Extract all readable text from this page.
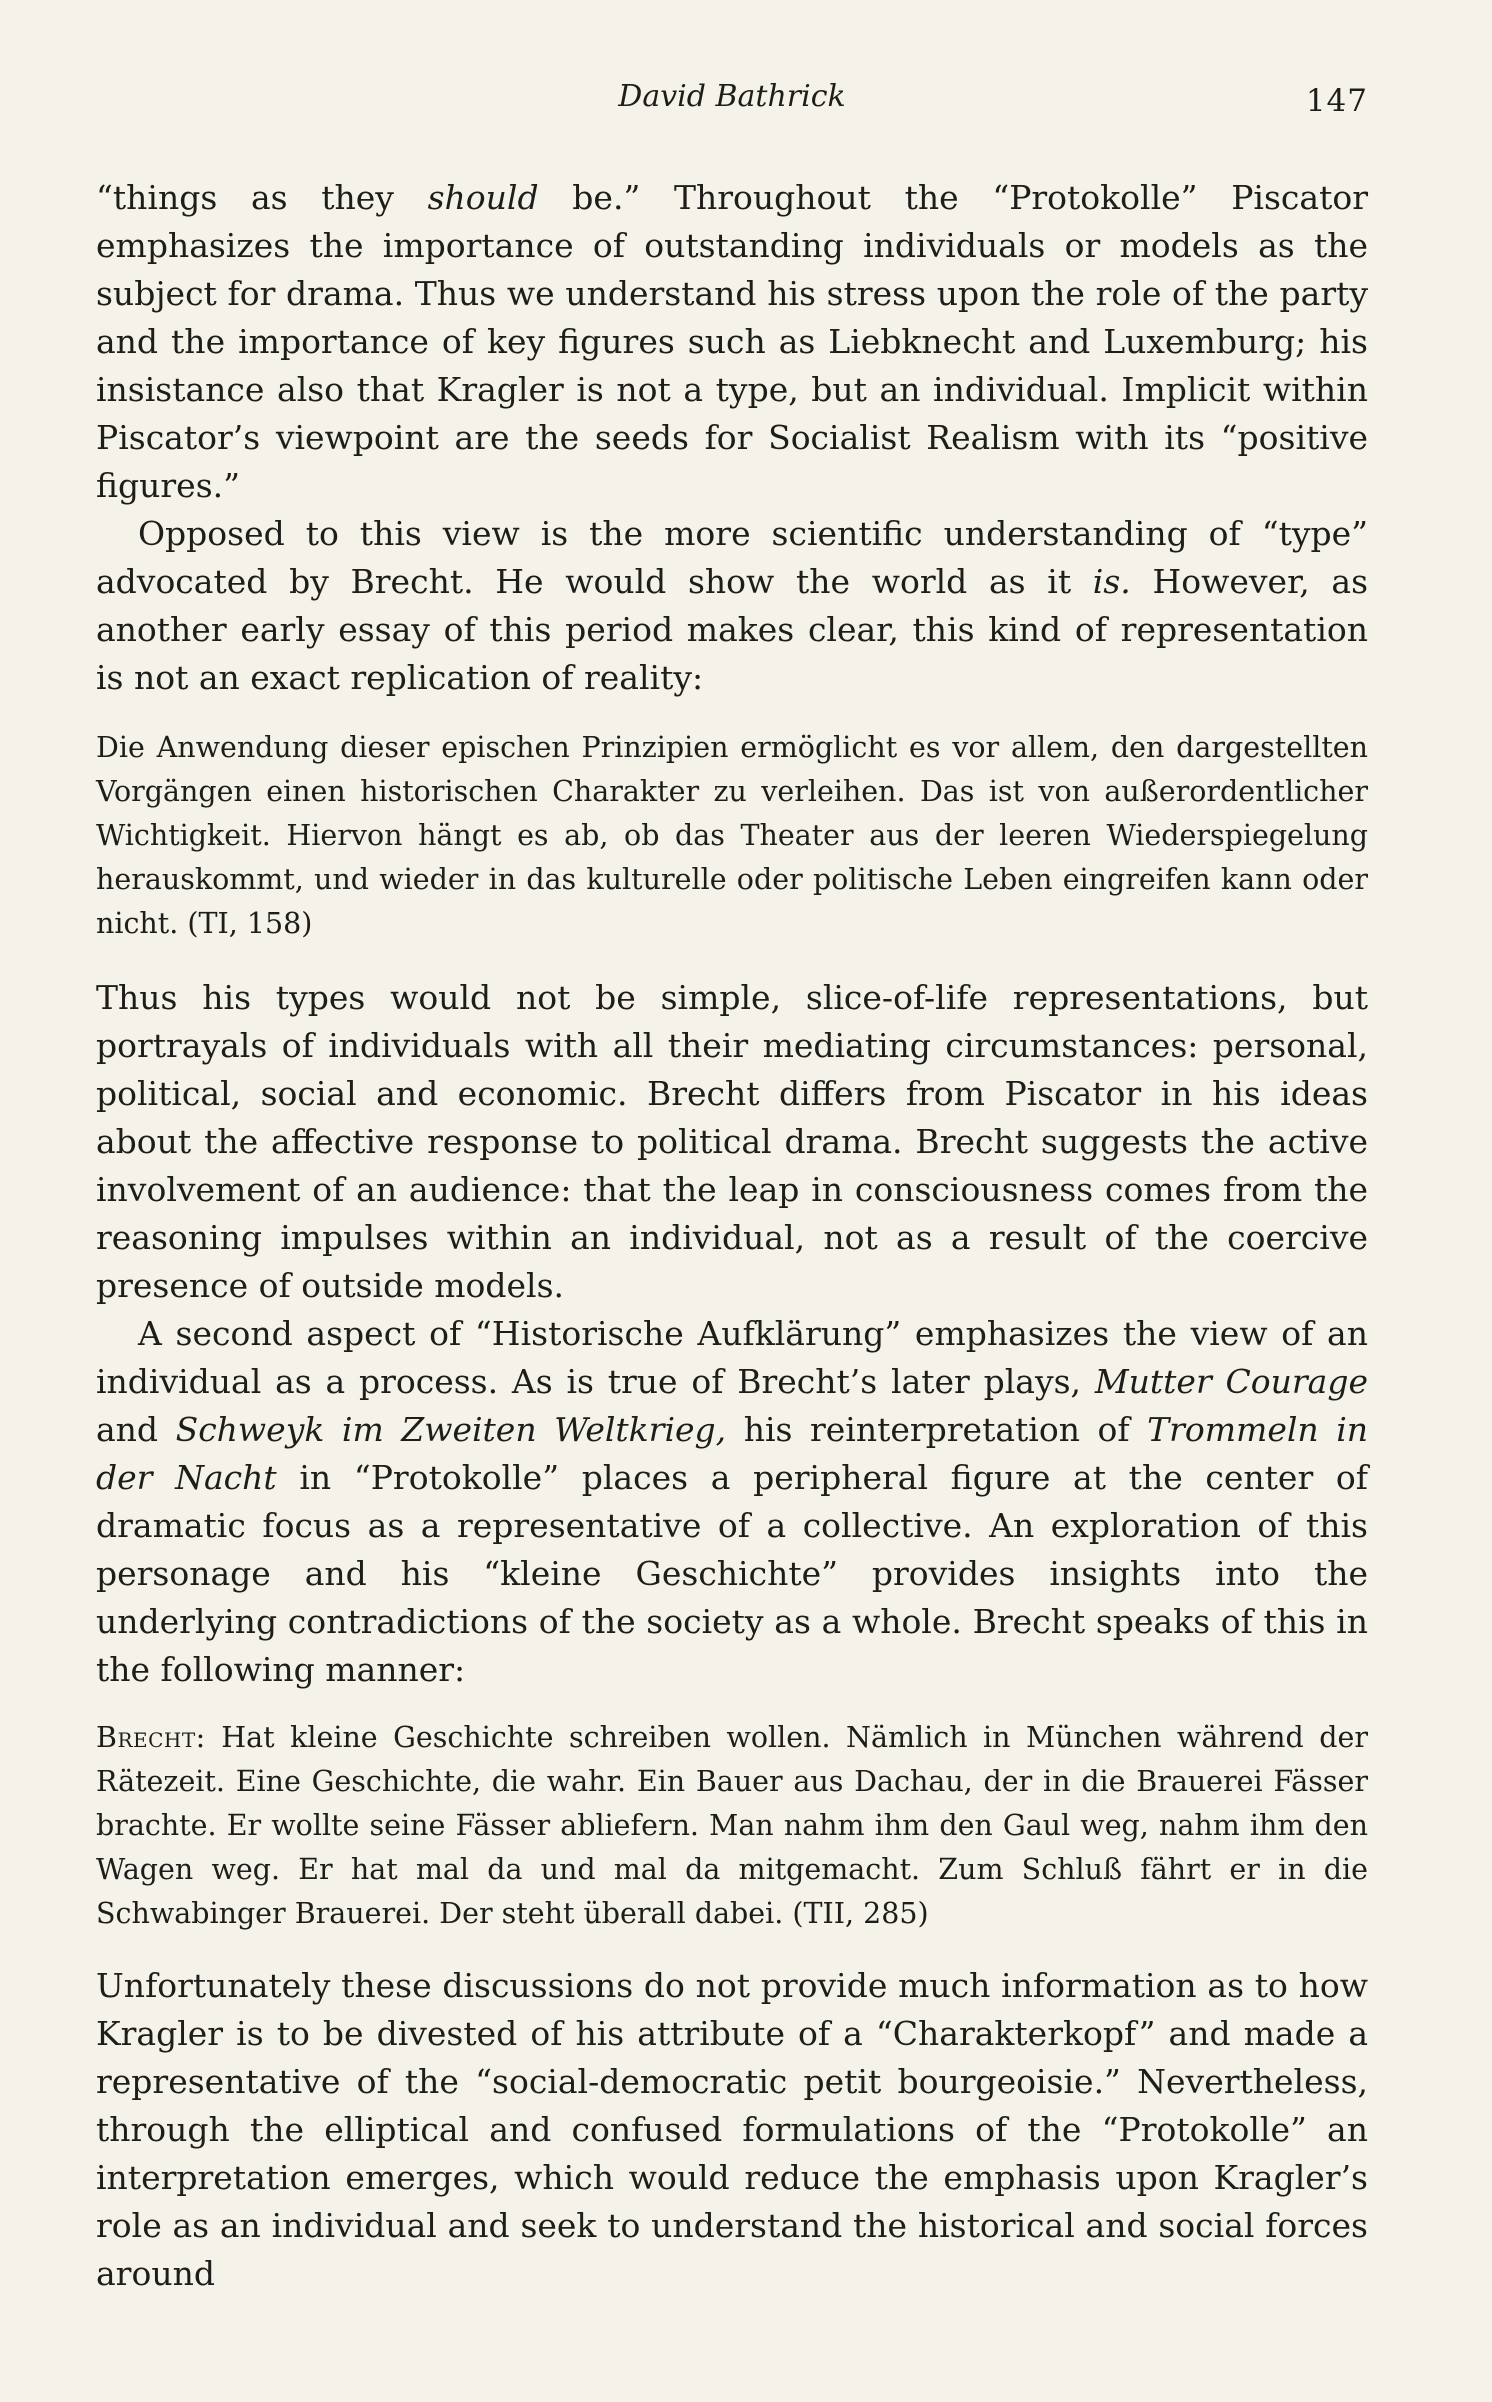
David Bathrick	147

“things as they should be.” Throughout the “Protokolle” Piscator emphasizes the importance of outstanding individuals or models as the subject for drama. Thus we understand his stress upon the role of the party and the importance of key figures such as Liebknecht and Luxemburg; his insistance also that Kragler is not a type, but an individual. Implicit within Piscator’s viewpoint are the seeds for Socialist Realism with its “positive figures.”

Opposed to this view is the more scientific understanding of “type” advocated by Brecht. He would show the world as it is. However, as another early essay of this period makes clear, this kind of representation is not an exact replication of reality:

Die Anwendung dieser epischen Prinzipien ermöglicht es vor allem, den dargestellten Vorgängen einen historischen Charakter zu verleihen. Das ist von außerordentlicher Wichtigkeit. Hiervon hängt es ab, ob das Theater aus der leeren Wiederspiegelung herauskommt, und wieder in das kulturelle oder politische Leben eingreifen kann oder nicht. (TI, 158)

Thus his types would not be simple, slice-of-life representations, but portrayals of individuals with all their mediating circumstances: personal, political, social and economic. Brecht differs from Piscator in his ideas about the affective response to political drama. Brecht suggests the active involvement of an audience: that the leap in consciousness comes from the reasoning impulses within an individual, not as a result of the coercive presence of outside models.

A second aspect of “Historische Aufklärung” emphasizes the view of an individual as a process. As is true of Brecht’s later plays, Mutter Courage and Schweyk im Zweiten Weltkrieg, his reinterpretation of Trommeln in der Nacht in “Protokolle” places a peripheral figure at the center of dramatic focus as a representative of a collective. An exploration of this personage and his “kleine Geschichte” provides insights into the underlying contradictions of the society as a whole. Brecht speaks of this in the following manner:

Brecht: Hat kleine Geschichte schreiben wollen. Nämlich in München während der Rätezeit. Eine Geschichte, die wahr. Ein Bauer aus Dachau, der in die Brauerei Fässer brachte. Er wollte seine Fässer abliefern. Man nahm ihm den Gaul weg, nahm ihm den Wagen weg. Er hat mal da und mal da mitgemacht. Zum Schluß fährt er in die Schwabinger Brauerei. Der steht überall dabei. (TII, 285)

Unfortunately these discussions do not provide much information as to how Kragler is to be divested of his attribute of a “Charakterkopf” and made a representative of the “social-democratic petit bourgeoisie.” Nevertheless, through the elliptical and confused formulations of the “Protokolle” an interpretation emerges, which would reduce the emphasis upon Kragler’s role as an individual and seek to understand the historical and social forces around
